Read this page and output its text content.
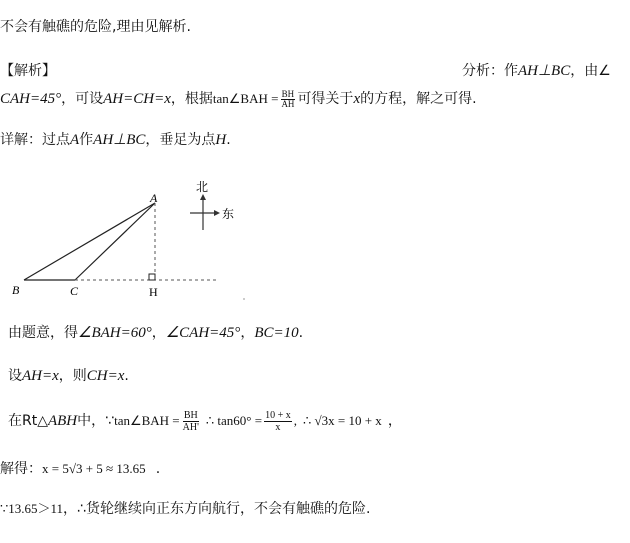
不会有触礁的危险,理由见解析.
【解析】	分析：作AH⊥BC，由∠
CAH=45°，可设AH=CH=x，根据tan∠BAH = $\frac{BH}{AH}$ 可得关于x的方程，解之可得.
详解：过点A作AH⊥BC，垂足为点H.
A
B	C	H
北
东
由题意，得∠BAH=60°，∠CAH=45°，BC=10.
设AH=x，则CH=x.
在Rt△ABH中，∵tan∠BAH = $\frac{BH}{AH'}$ ∴ $\tan 60^\circ = \frac{10 + x}{x}$ , ∴ √3x = 10 + x ，
解得：x = 5√3 + 5 ≈ 13.65 .
∵13.65＞11，∴货轮继续向正东方向航行，不会有触礁的危险.
